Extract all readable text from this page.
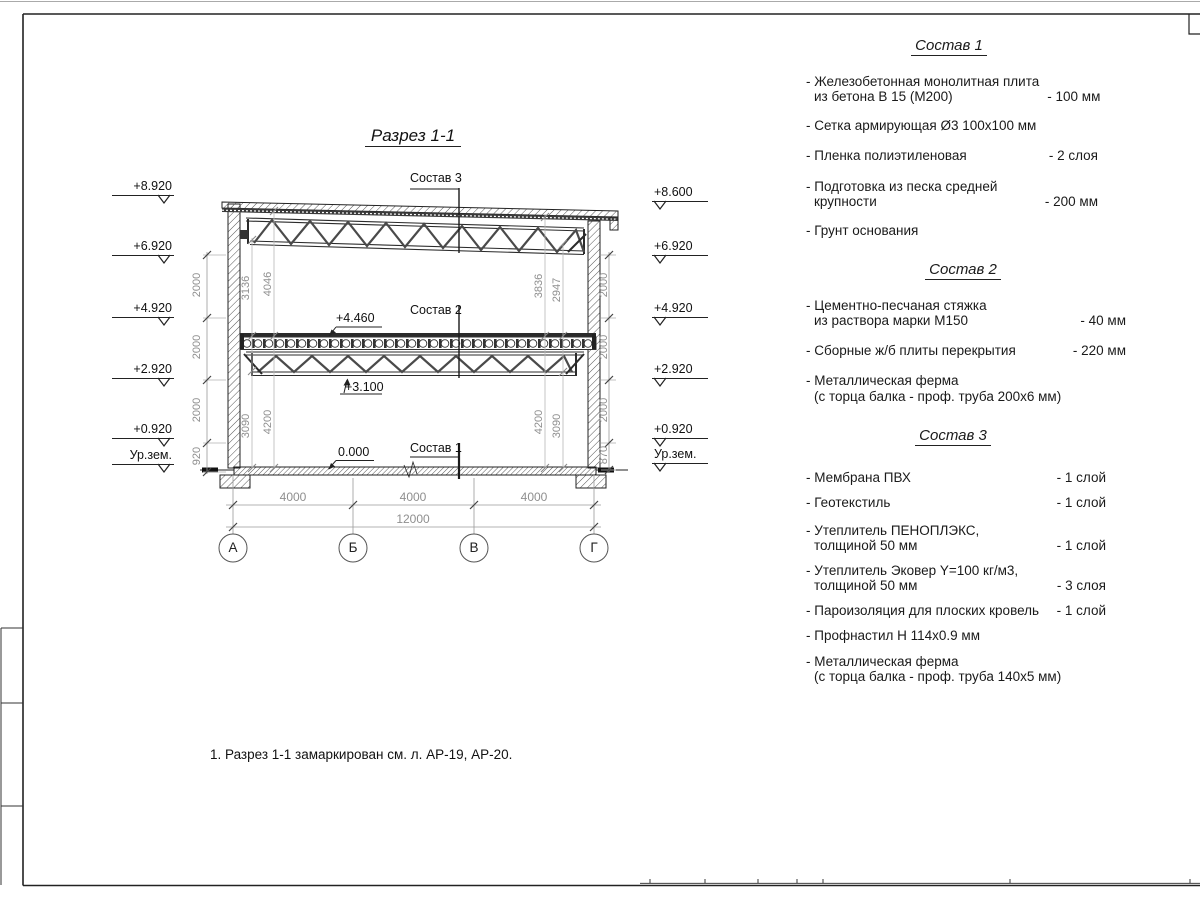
Разрез 1-1
+8.920
+6.920
+4.920
+2.920
+0.920
Ур.зем.
+8.600
+6.920
+4.920
+2.920
+0.920
Ур.зем.
2000
2000
2000
920
2000
2000
2000
870
3136 4046	3836 2947
3090 4200	4200 3090
Состав 3
+4.460
Состав 2
+3.100
0.000	Состав 1
4000	4000	4000
12000
А	Б	В	Г
Состав 1
- Железобетонная монолитная плита
из бетона В 15 (М200)	- 100 мм
- Сетка армирующая Ø3 100х100 мм
- Пленка полиэтиленовая	- 2 слоя
- Подготовка из песка средней
крупности	- 200 мм
- Грунт основания
Состав 2
- Цементно-песчаная стяжка
из раствора марки М150	- 40 мм
- Сборные ж/б плиты перекрытия	- 220 мм
- Металлическая ферма
(с торца балка - проф. труба 200х6 мм)
Состав 3
- Мембрана ПВХ	- 1 слой
- Геотекстиль	- 1 слой
- Утеплитель ПЕНОПЛЭКС,
толщиной 50 мм	- 1 слой
- Утеплитель Эковер Y=100 кг/м3,
толщиной 50 мм	- 3 слоя
- Пароизоляция для плоских кровель	- 1 слой
- Профнастил Н 114х0.9 мм
- Металлическая ферма
(с торца балка - проф. труба 140х5 мм)
1. Разрез 1-1 замаркирован см. л. АР-19, АР-20.
